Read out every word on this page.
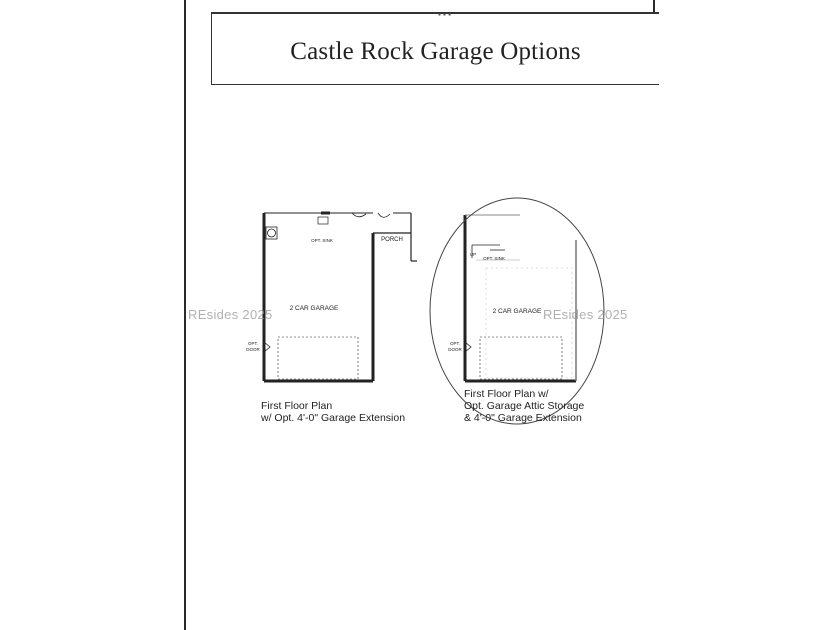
▪ ▪ ▪
Castle Rock Garage Options
2 CAR GARAGE
OPT. SINK	PORCH
OPT.
DOOR
2 CAR GARAGE
OPT. SINK
UP
OPT.
DOOR
First Floor Plan
w/ Opt. 4'-0" Garage Extension
First Floor Plan w/
Opt. Garage Attic Storage
& 4'-0" Garage Extension
REsides 2025	REsides 2025
